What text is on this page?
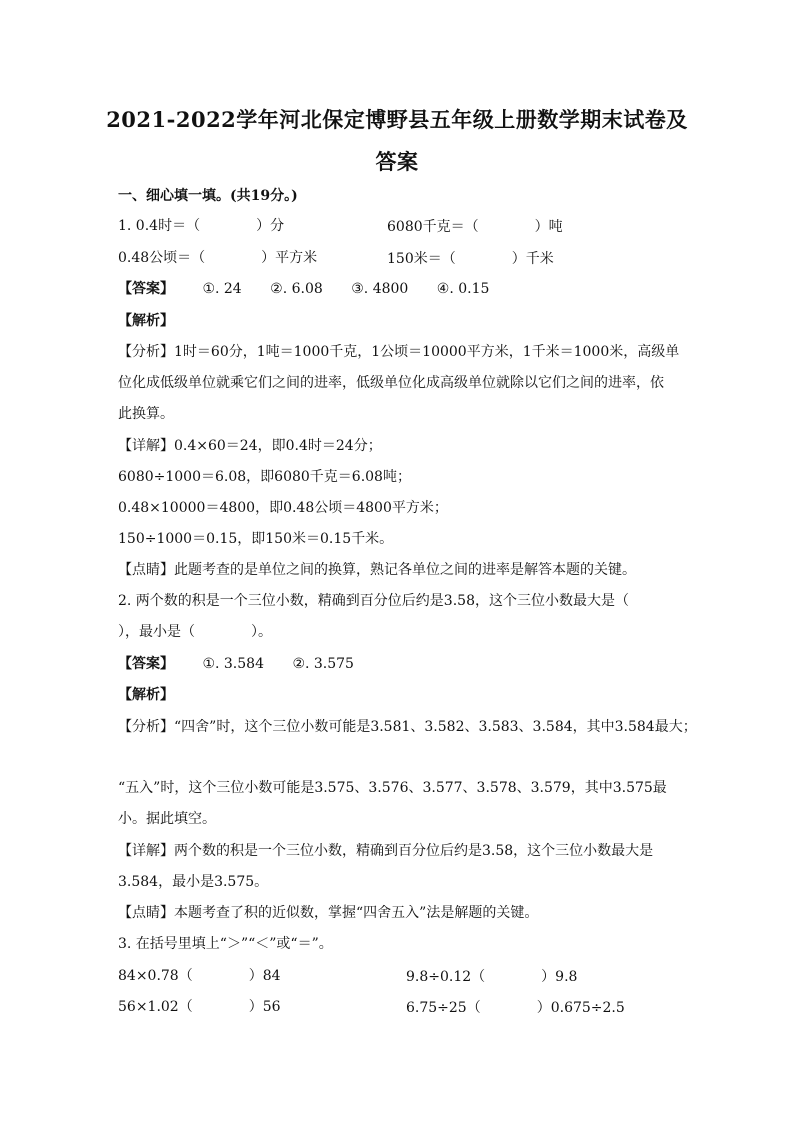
2021-2022学年河北保定博野县五年级上册数学期末试卷及
答案
一、细心填一填。(共19分。)
1. 0.4时＝（　　　　）分	6080千克＝（　　　　）吨
0.48公顷＝（　　　　）平方米	150米＝（　　　　）千米
【答案】 ①. 24 ②. 6.08 ③. 4800 ④. 0.15
【解析】
【分析】1时＝60分，1吨＝1000千克，1公顷＝10000平方米，1千米＝1000米，高级单
位化成低级单位就乘它们之间的进率，低级单位化成高级单位就除以它们之间的进率，依
此换算。
【详解】0.4×60＝24，即0.4时＝24分；
6080÷1000＝6.08，即6080千克＝6.08吨；
0.48×10000＝4800，即0.48公顷＝4800平方米；
150÷1000＝0.15，即150米＝0.15千米。
【点睛】此题考查的是单位之间的换算，熟记各单位之间的进率是解答本题的关键。
2. 两个数的积是一个三位小数，精确到百分位后约是3.58，这个三位小数最大是（
），最小是（　　　　）。
【答案】 ①. 3.584 ②. 3.575
【解析】
【分析】“四舍”时，这个三位小数可能是3.581、3.582、3.583、3.584，其中3.584最大；
“五入”时，这个三位小数可能是3.575、3.576、3.577、3.578、3.579，其中3.575最
小。据此填空。
【详解】两个数的积是一个三位小数，精确到百分位后约是3.58，这个三位小数最大是
3.584，最小是3.575。
【点睛】本题考查了积的近似数，掌握“四舍五入”法是解题的关键。
3. 在括号里填上“＞”“＜”或“＝”。
84×0.78（　　　　）84	9.8÷0.12（　　　　）9.8
56×1.02（　　　　）56	6.75÷25（　　　　）0.675÷2.5
